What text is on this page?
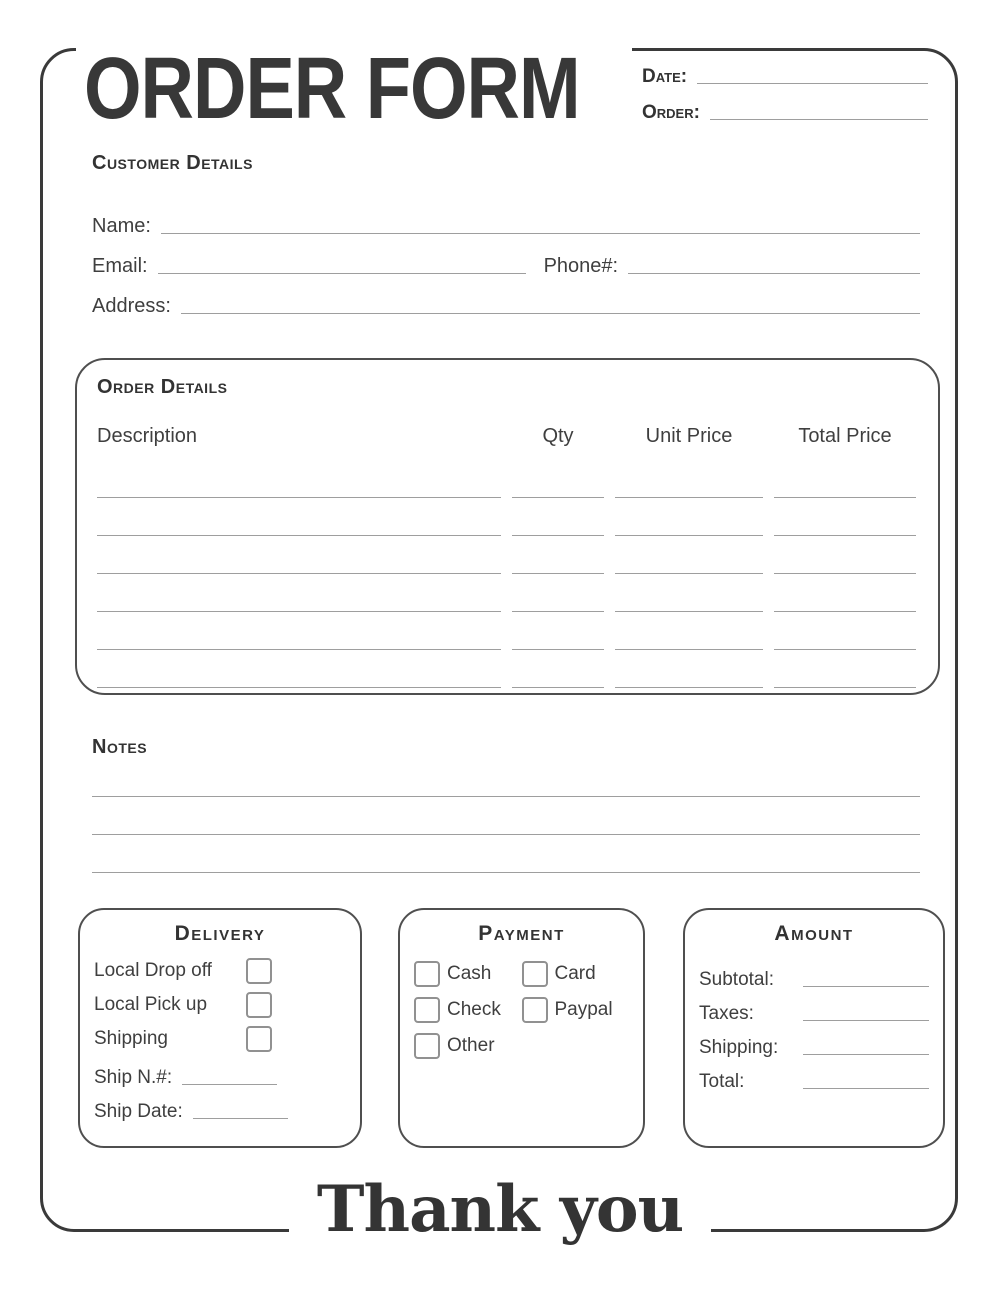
ORDER FORM	Date:
Order:
Customer Details
Name:
Email:	Phone#:
Address:
Order Details
Description	Qty	Unit Price	Total Price
Notes
Delivery
Local Drop off
Local Pick up
Shipping
Ship N.#:
Ship Date:
Payment
Cash	Card
Check	Paypal
Other
Amount
Subtotal:
Taxes:
Shipping:
Total:
Thank you
